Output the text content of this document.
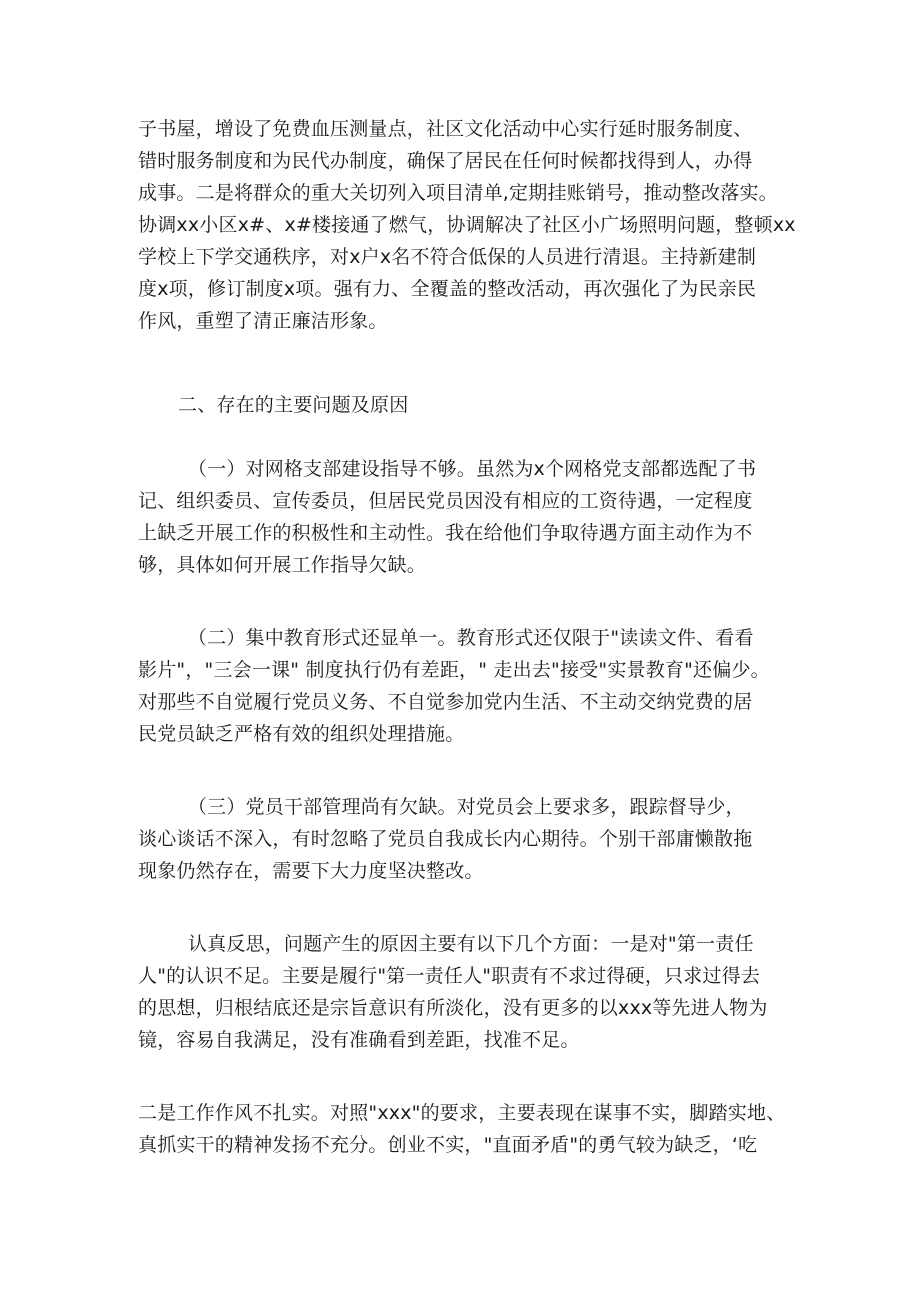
子书屋，增设了免费血压测量点，社区文化活动中心实行延时服务制度、
错时服务制度和为民代办制度，确保了居民在任何时候都找得到人，办得
成事。二是将群众的重大关切列入项目清单,定期挂账销号，推动整改落实。
协调xx小区x#、x#楼接通了燃气，协调解决了社区小广场照明问题，整顿xx
学校上下学交通秩序，对x户x名不符合低保的人员进行清退。主持新建制
度x项，修订制度x项。强有力、全覆盖的整改活动，再次强化了为民亲民
作风，重塑了清正廉洁形象。
二、存在的主要问题及原因
（一）对网格支部建设指导不够。虽然为x个网格党支部都选配了书
记、组织委员、宣传委员，但居民党员因没有相应的工资待遇，一定程度
上缺乏开展工作的积极性和主动性。我在给他们争取待遇方面主动作为不
够，具体如何开展工作指导欠缺。
（二）集中教育形式还显单一。教育形式还仅限于"读读文件、看看
影片"，"三会一课" 制度执行仍有差距，" 走出去"接受"实景教育"还偏少。
对那些不自觉履行党员义务、不自觉参加党内生活、不主动交纳党费的居
民党员缺乏严格有效的组织处理措施。
（三）党员干部管理尚有欠缺。对党员会上要求多，跟踪督导少，
谈心谈话不深入，有时忽略了党员自我成长内心期待。个别干部庸懒散拖
现象仍然存在，需要下大力度坚决整改。
认真反思，问题产生的原因主要有以下几个方面：一是对"第一责任
人"的认识不足。主要是履行"第一责任人"职责有不求过得硬，只求过得去
的思想，归根结底还是宗旨意识有所淡化，没有更多的以xxx等先进人物为
镜，容易自我满足，没有准确看到差距，找准不足。
二是工作作风不扎实。对照"xxx"的要求，主要表现在谋事不实，脚踏实地、
真抓实干的精神发扬不充分。创业不实，"直面矛盾"的勇气较为缺乏，‘吃
